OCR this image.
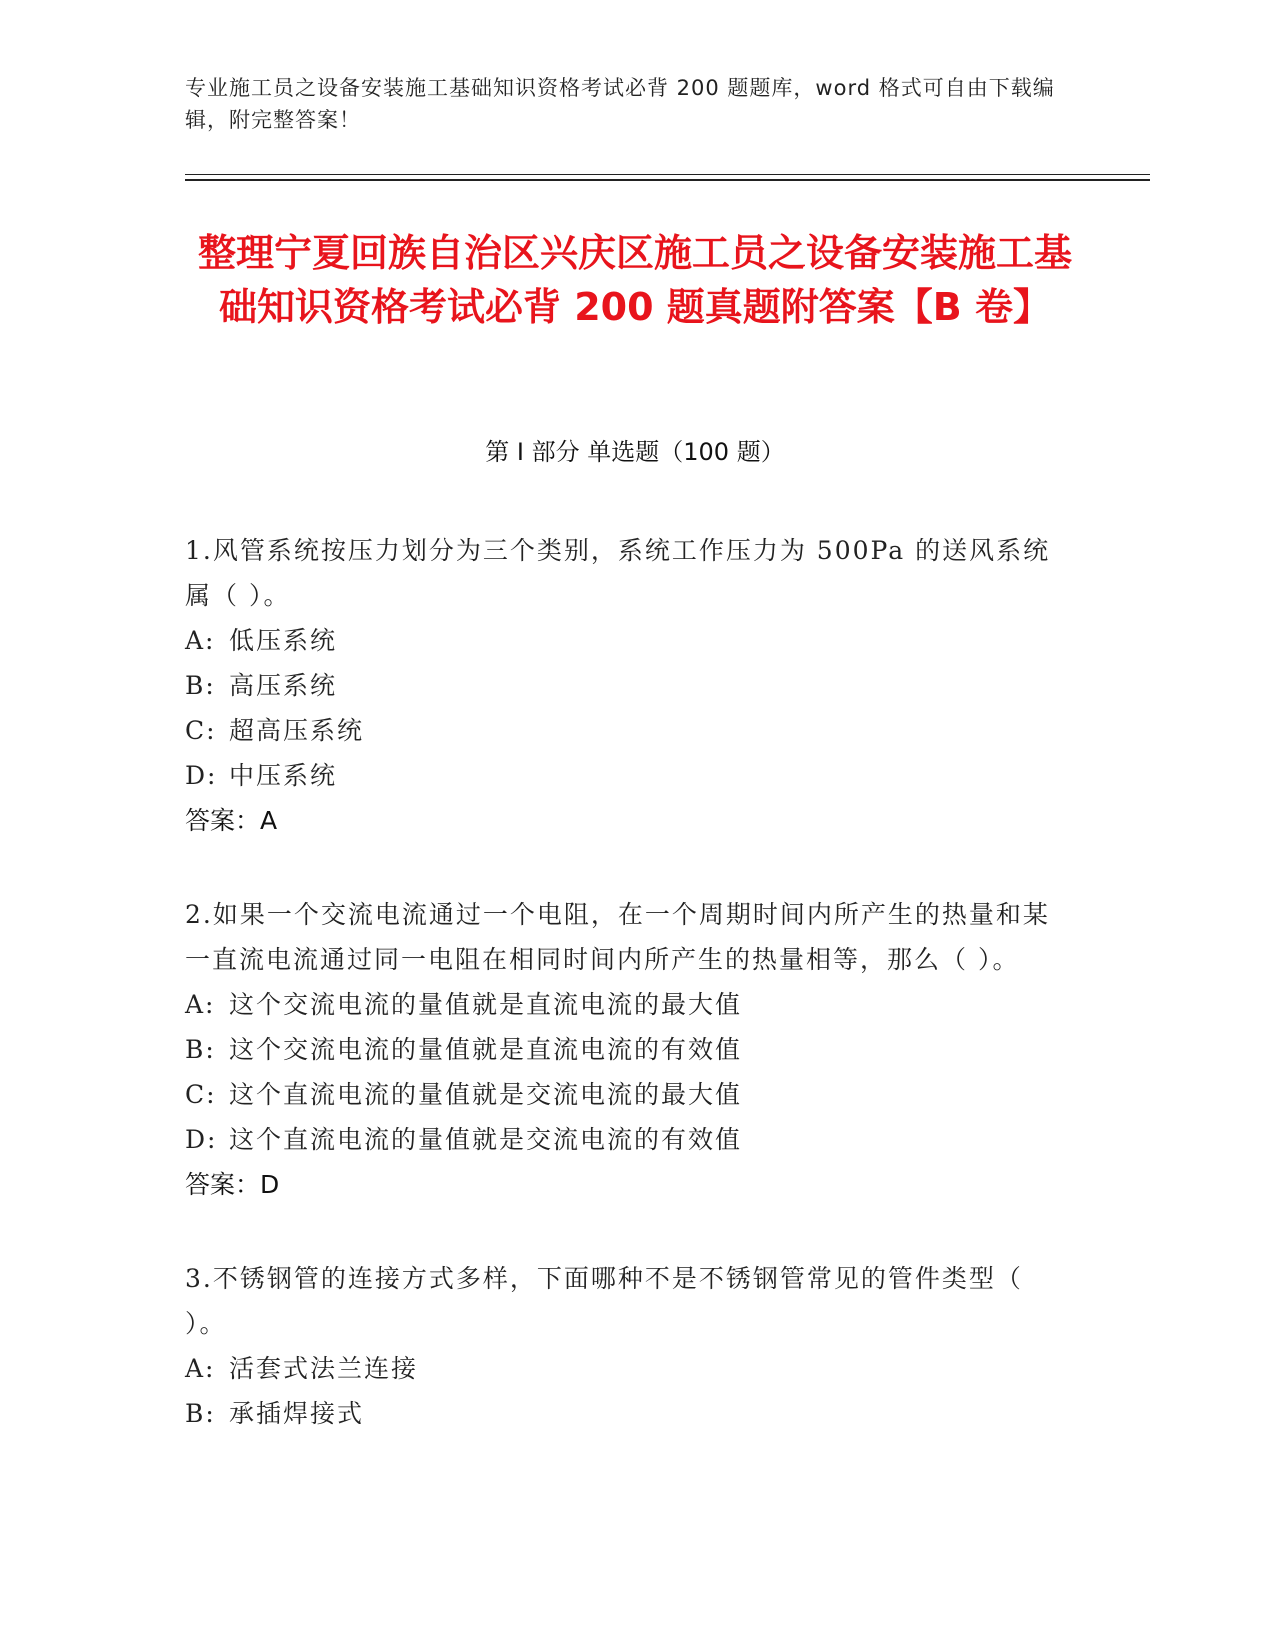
专业施工员之设备安装施工基础知识资格考试必背 200 题题库，word 格式可自由下载编辑，附完整答案！
整理宁夏回族自治区兴庆区施工员之设备安装施工基础知识资格考试必背 200 题真题附答案【B 卷】
第 I 部分 单选题（100 题）
1.风管系统按压力划分为三个类别，系统工作压力为 500Pa 的送风系统属（ ）。
A: 低压系统
B: 高压系统
C: 超高压系统
D: 中压系统
答案：A
2.如果一个交流电流通过一个电阻，在一个周期时间内所产生的热量和某一直流电流通过同一电阻在相同时间内所产生的热量相等，那么（ ）。
A: 这个交流电流的量值就是直流电流的最大值
B: 这个交流电流的量值就是直流电流的有效值
C: 这个直流电流的量值就是交流电流的最大值
D: 这个直流电流的量值就是交流电流的有效值
答案：D
3.不锈钢管的连接方式多样，下面哪种不是不锈钢管常见的管件类型（ ）。
A: 活套式法兰连接
B: 承插焊接式
